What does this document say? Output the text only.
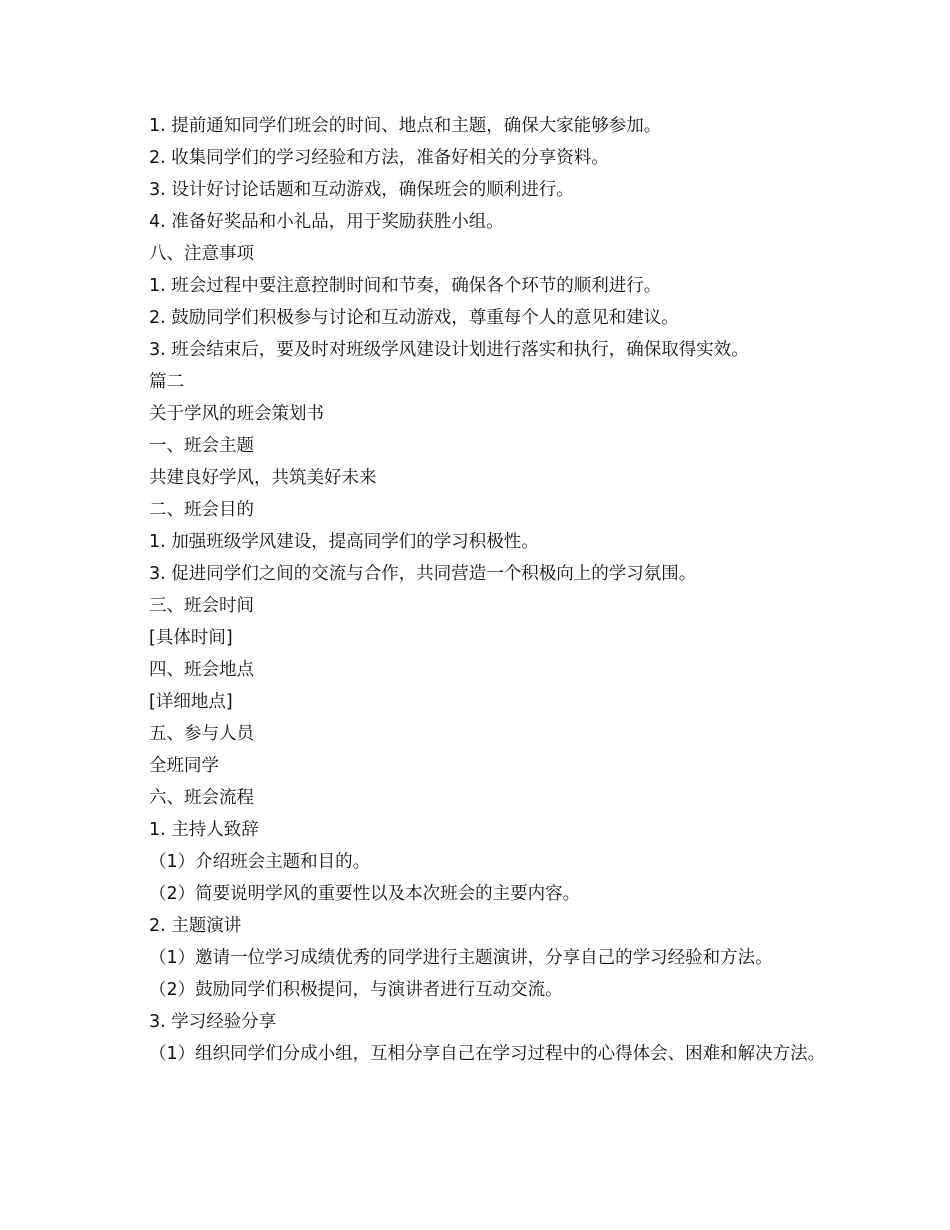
1. 提前通知同学们班会的时间、地点和主题，确保大家能够参加。
2. 收集同学们的学习经验和方法，准备好相关的分享资料。
3. 设计好讨论话题和互动游戏，确保班会的顺利进行。
4. 准备好奖品和小礼品，用于奖励获胜小组。
八、注意事项
1. 班会过程中要注意控制时间和节奏，确保各个环节的顺利进行。
2. 鼓励同学们积极参与讨论和互动游戏，尊重每个人的意见和建议。
3. 班会结束后，要及时对班级学风建设计划进行落实和执行，确保取得实效。
篇二
关于学风的班会策划书
一、班会主题
共建良好学风，共筑美好未来
二、班会目的
1. 加强班级学风建设，提高同学们的学习积极性。
3. 促进同学们之间的交流与合作，共同营造一个积极向上的学习氛围。
三、班会时间
[具体时间]
四、班会地点
[详细地点]
五、参与人员
全班同学
六、班会流程
1. 主持人致辞
（1）介绍班会主题和目的。
（2）简要说明学风的重要性以及本次班会的主要内容。
2. 主题演讲
（1）邀请一位学习成绩优秀的同学进行主题演讲，分享自己的学习经验和方法。
（2）鼓励同学们积极提问，与演讲者进行互动交流。
3. 学习经验分享
（1）组织同学们分成小组，互相分享自己在学习过程中的心得体会、困难和解决方法。
